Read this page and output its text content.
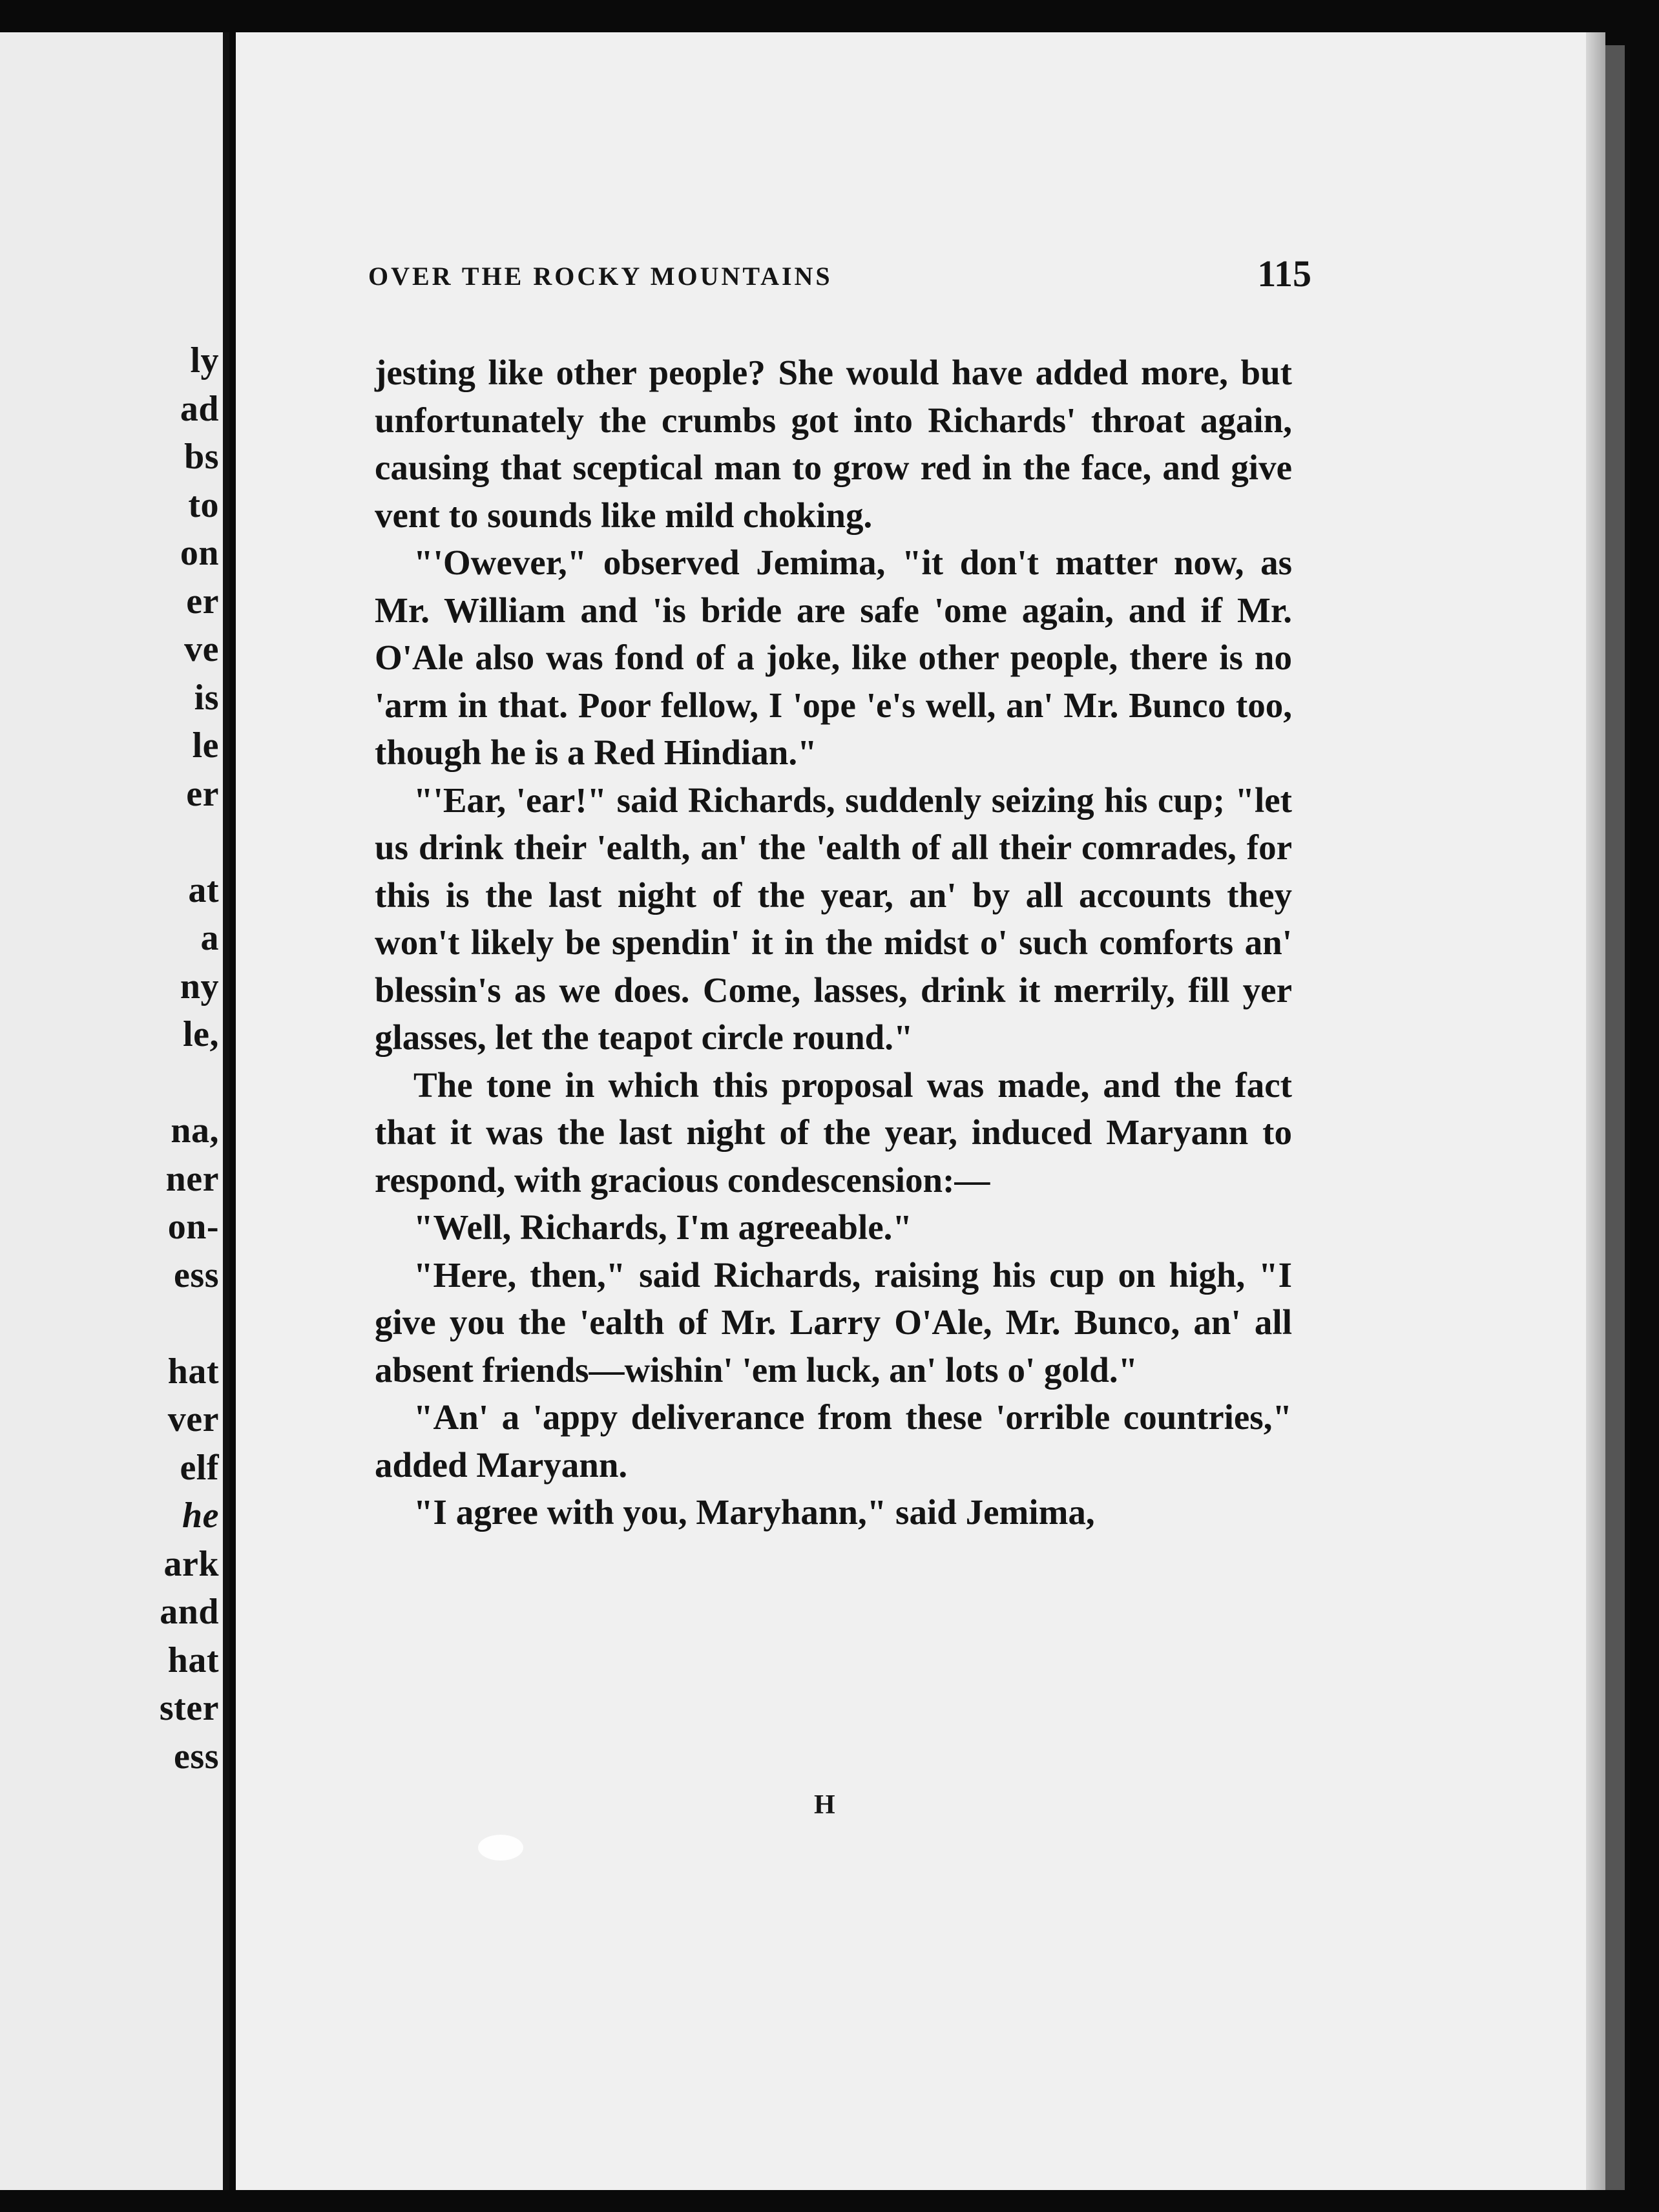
ly
ad
bs
to
on
er
ve
is
le
er
at
a
ny
le,
na,
ner
on-
ess
hat
ver
elf
he
ark
and
hat
ster
ess
OVER THE ROCKY MOUNTAINS	115

jesting like other people? She would have added more, but unfortunately the crumbs got into Richards' throat again, causing that sceptical man to grow red in the face, and give vent to sounds like mild choking.

"'Owever," observed Jemima, "it don't matter now, as Mr. William and 'is bride are safe 'ome again, and if Mr. O'Ale also was fond of a joke, like other people, there is no 'arm in that. Poor fellow, I 'ope 'e's well, an' Mr. Bunco too, though he is a Red Hindian."

"'Ear, 'ear!" said Richards, suddenly seizing his cup; "let us drink their 'ealth, an' the 'ealth of all their comrades, for this is the last night of the year, an' by all accounts they won't likely be spendin' it in the midst o' such comforts an' blessin's as we does. Come, lasses, drink it merrily, fill yer glasses, let the teapot circle round."

The tone in which this proposal was made, and the fact that it was the last night of the year, induced Maryann to respond, with gracious condescension:—

"Well, Richards, I'm agreeable."

"Here, then," said Richards, raising his cup on high, "I give you the 'ealth of Mr. Larry O'Ale, Mr. Bunco, an' all absent friends—wishin' 'em luck, an' lots o' gold."

"An' a 'appy deliverance from these 'orrible countries," added Maryann.

"I agree with you, Maryhann," said Jemima,

H
